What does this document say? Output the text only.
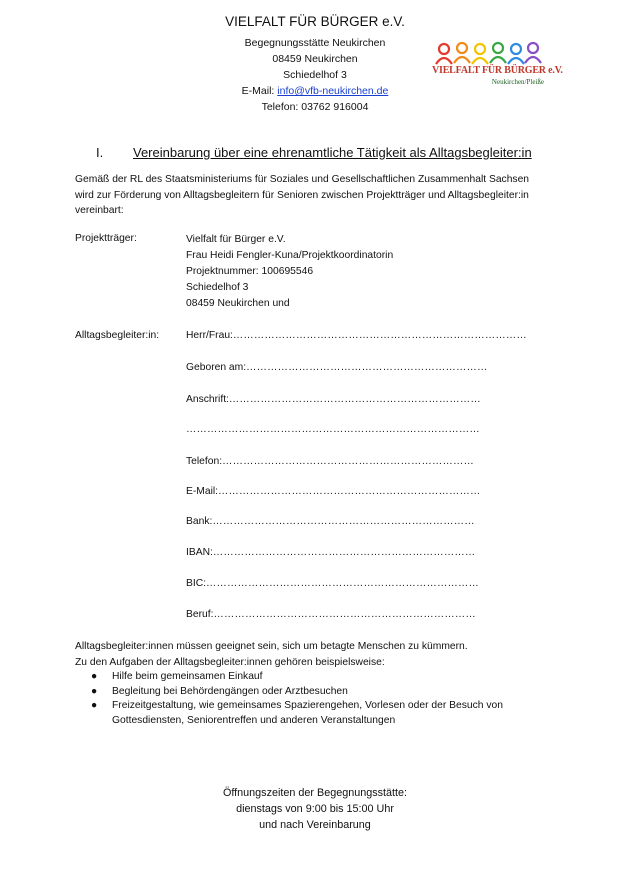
VIELFALT FÜR BÜRGER e.V.
Begegnungsstätte Neukirchen
08459 Neukirchen
Schiedelhof 3
E-Mail: info@vfb-neukirchen.de
Telefon: 03762 916004
VIELFALT FÜR BÜRGER e.V.
Neukirchen/Pleiße
I. Vereinbarung über eine ehrenamtliche Tätigkeit als Alltagsbegleiter:in
Gemäß der RL des Staatsministeriums für Soziales und Gesellschaftlichen Zusammenhalt Sachsen wird zur Förderung von Alltagsbegleitern für Senioren zwischen Projektträger und Alltagsbegleiter:in vereinbart:
Projektträger:	Vielfalt für Bürger e.V.
Frau Heidi Fengler-Kuna/Projektkoordinatorin
Projektnummer: 100695546
Schiedelhof 3
08459 Neukirchen und
Alltagsbegleiter:in:	Herr/Frau:…………………………………………………………………………
Geboren am:……………………………………………………………
Anschrift:………………………………………………………………
…………………………………………………………………………
Telefon:………………………………………………………………
E-Mail:…………………………………………………………………
Bank:…………………………………………………………………
IBAN:…………………………………………………………………
BIC:……………………………………………………………………
Beruf:…………………………………………………………………
Alltagsbegleiter:innen müssen geeignet sein, sich um betagte Menschen zu kümmern.
Zu den Aufgaben der Alltagsbegleiter:innen gehören beispielsweise:
● Hilfe beim gemeinsamen Einkauf
● Begleitung bei Behördengängen oder Arztbesuchen
● Freizeitgestaltung, wie gemeinsames Spazierengehen, Vorlesen oder der Besuch von Gottesdiensten, Seniorentreffen und anderen Veranstaltungen
Öffnungszeiten der Begegnungsstätte:
dienstags von 9:00 bis 15:00 Uhr
und nach Vereinbarung
